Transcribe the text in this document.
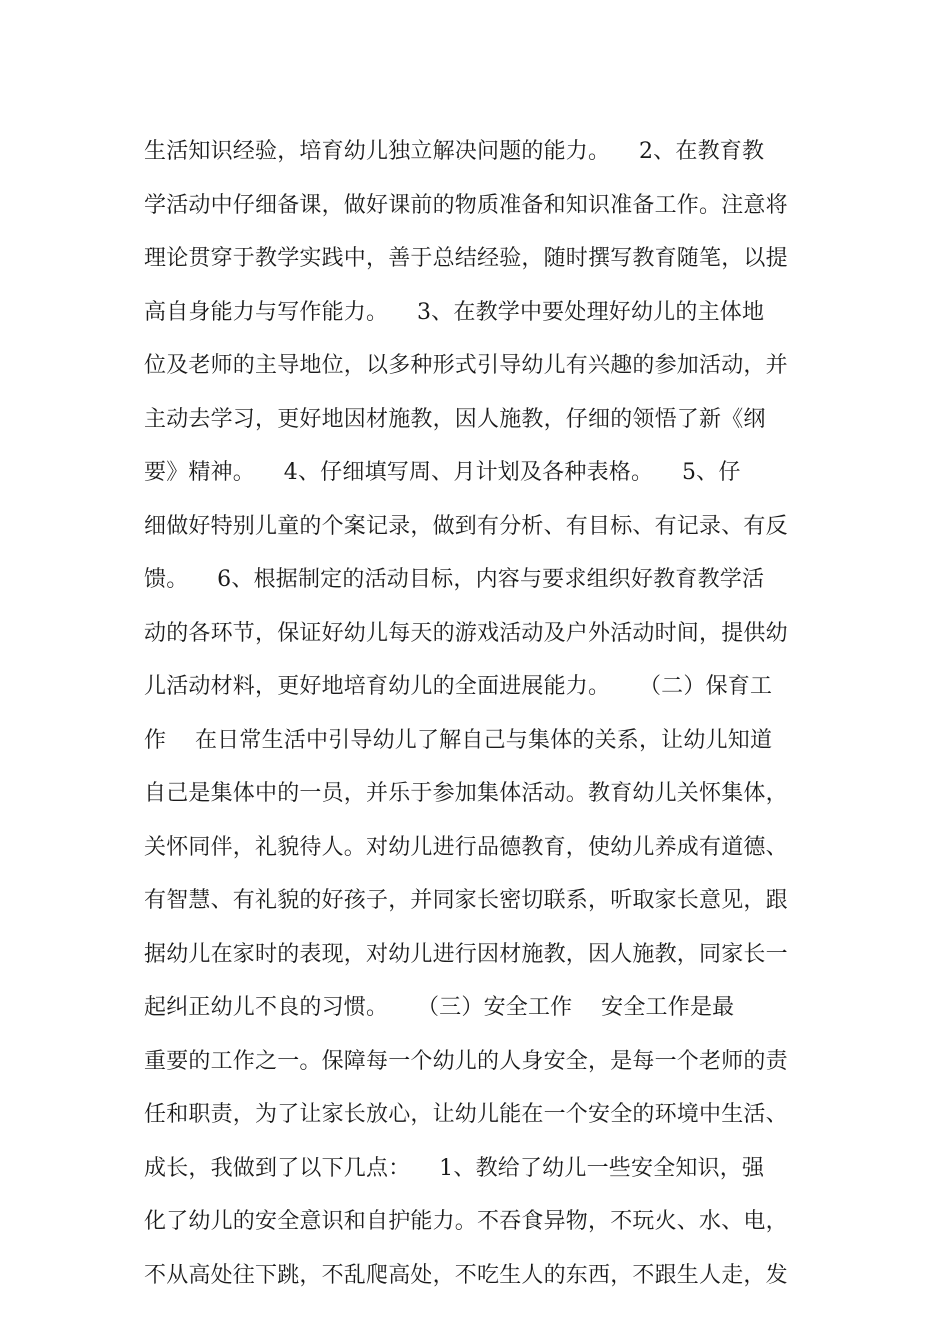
生活知识经验，培育幼儿独立解决问题的能力。    2、在教育教
学活动中仔细备课，做好课前的物质准备和知识准备工作。注意将
理论贯穿于教学实践中，善于总结经验，随时撰写教育随笔，以提
高自身能力与写作能力。    3、在教学中要处理好幼儿的主体地
位及老师的主导地位，以多种形式引导幼儿有兴趣的参加活动，并
主动去学习，更好地因材施教，因人施教，仔细的领悟了新《纲
要》精神。    4、仔细填写周、月计划及各种表格。    5、仔
细做好特别儿童的个案记录，做到有分析、有目标、有记录、有反
馈。    6、根据制定的活动目标，内容与要求组织好教育教学活
动的各环节，保证好幼儿每天的游戏活动及户外活动时间，提供幼
儿活动材料，更好地培育幼儿的全面进展能力。    （二）保育工
作    在日常生活中引导幼儿了解自己与集体的关系，让幼儿知道
自己是集体中的一员，并乐于参加集体活动。教育幼儿关怀集体，
关怀同伴，礼貌待人。对幼儿进行品德教育，使幼儿养成有道德、
有智慧、有礼貌的好孩子，并同家长密切联系，听取家长意见，跟
据幼儿在家时的表现，对幼儿进行因材施教，因人施教，同家长一
起纠正幼儿不良的习惯。    （三）安全工作    安全工作是最
重要的工作之一。保障每一个幼儿的人身安全，是每一个老师的责
任和职责，为了让家长放心，让幼儿能在一个安全的环境中生活、
成长，我做到了以下几点：    1、教给了幼儿一些安全知识，强
化了幼儿的安全意识和自护能力。不吞食异物，不玩火、水、电，
不从高处往下跳，不乱爬高处，不吃生人的东西，不跟生人走，发
